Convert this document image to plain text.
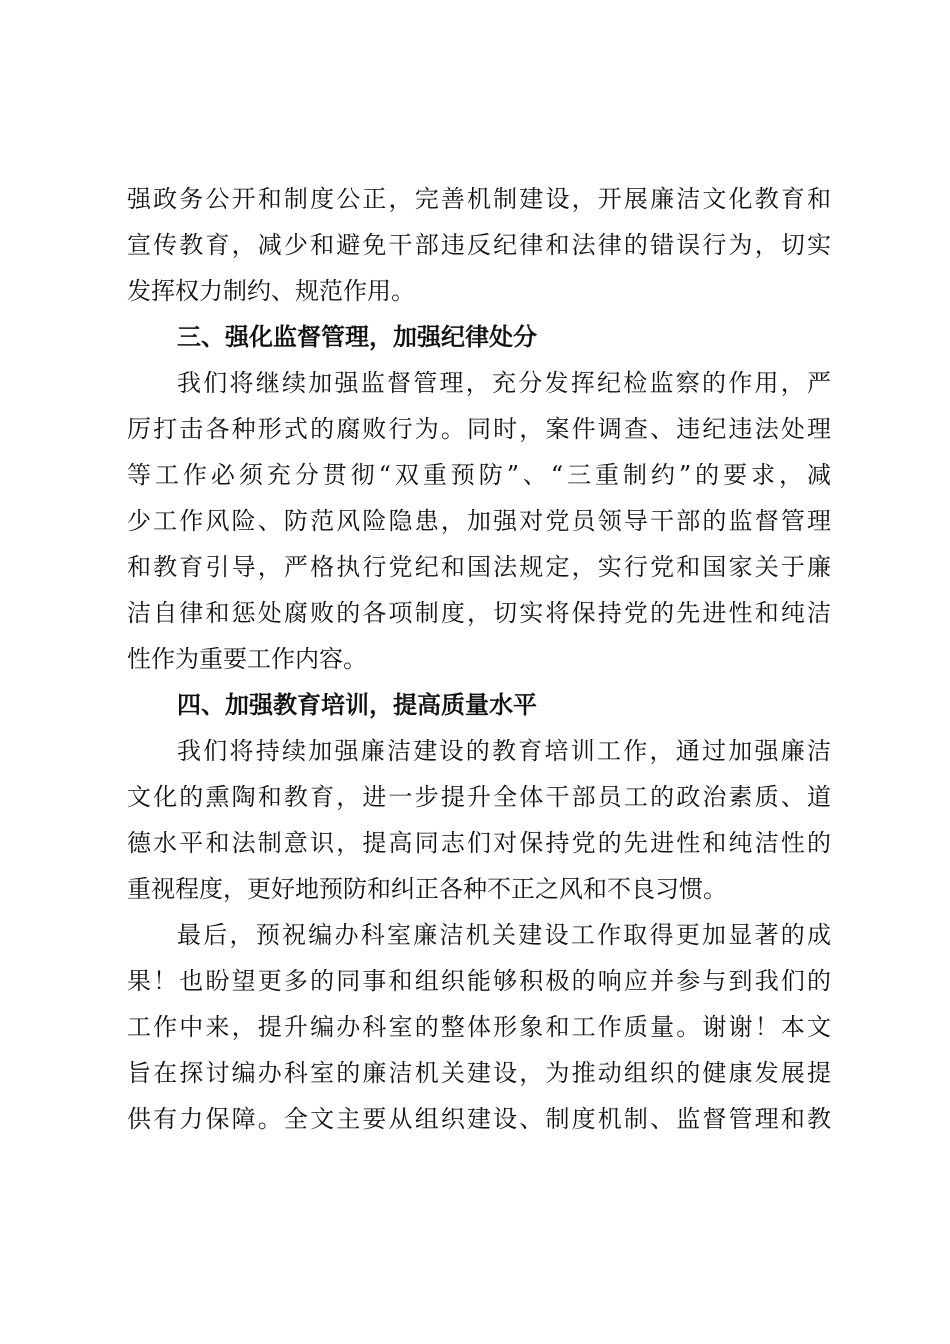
强政务公开和制度公正，完善机制建设，开展廉洁文化教育和
宣传教育，减少和避免干部违反纪律和法律的错误行为，切实
发挥权力制约、规范作用。
三、强化监督管理，加强纪律处分
我们将继续加强监督管理，充分发挥纪检监察的作用，严
厉打击各种形式的腐败行为。同时，案件调查、违纪违法处理
等工作必须充分贯彻“双重预防”、“三重制约”的要求，减
少工作风险、防范风险隐患，加强对党员领导干部的监督管理
和教育引导，严格执行党纪和国法规定，实行党和国家关于廉
洁自律和惩处腐败的各项制度，切实将保持党的先进性和纯洁
性作为重要工作内容。
四、加强教育培训，提高质量水平
我们将持续加强廉洁建设的教育培训工作，通过加强廉洁
文化的熏陶和教育，进一步提升全体干部员工的政治素质、道
德水平和法制意识，提高同志们对保持党的先进性和纯洁性的
重视程度，更好地预防和纠正各种不正之风和不良习惯。
最后，预祝编办科室廉洁机关建设工作取得更加显著的成
果！也盼望更多的同事和组织能够积极的响应并参与到我们的
工作中来，提升编办科室的整体形象和工作质量。谢谢！本文
旨在探讨编办科室的廉洁机关建设，为推动组织的健康发展提
供有力保障。全文主要从组织建设、制度机制、监督管理和教
